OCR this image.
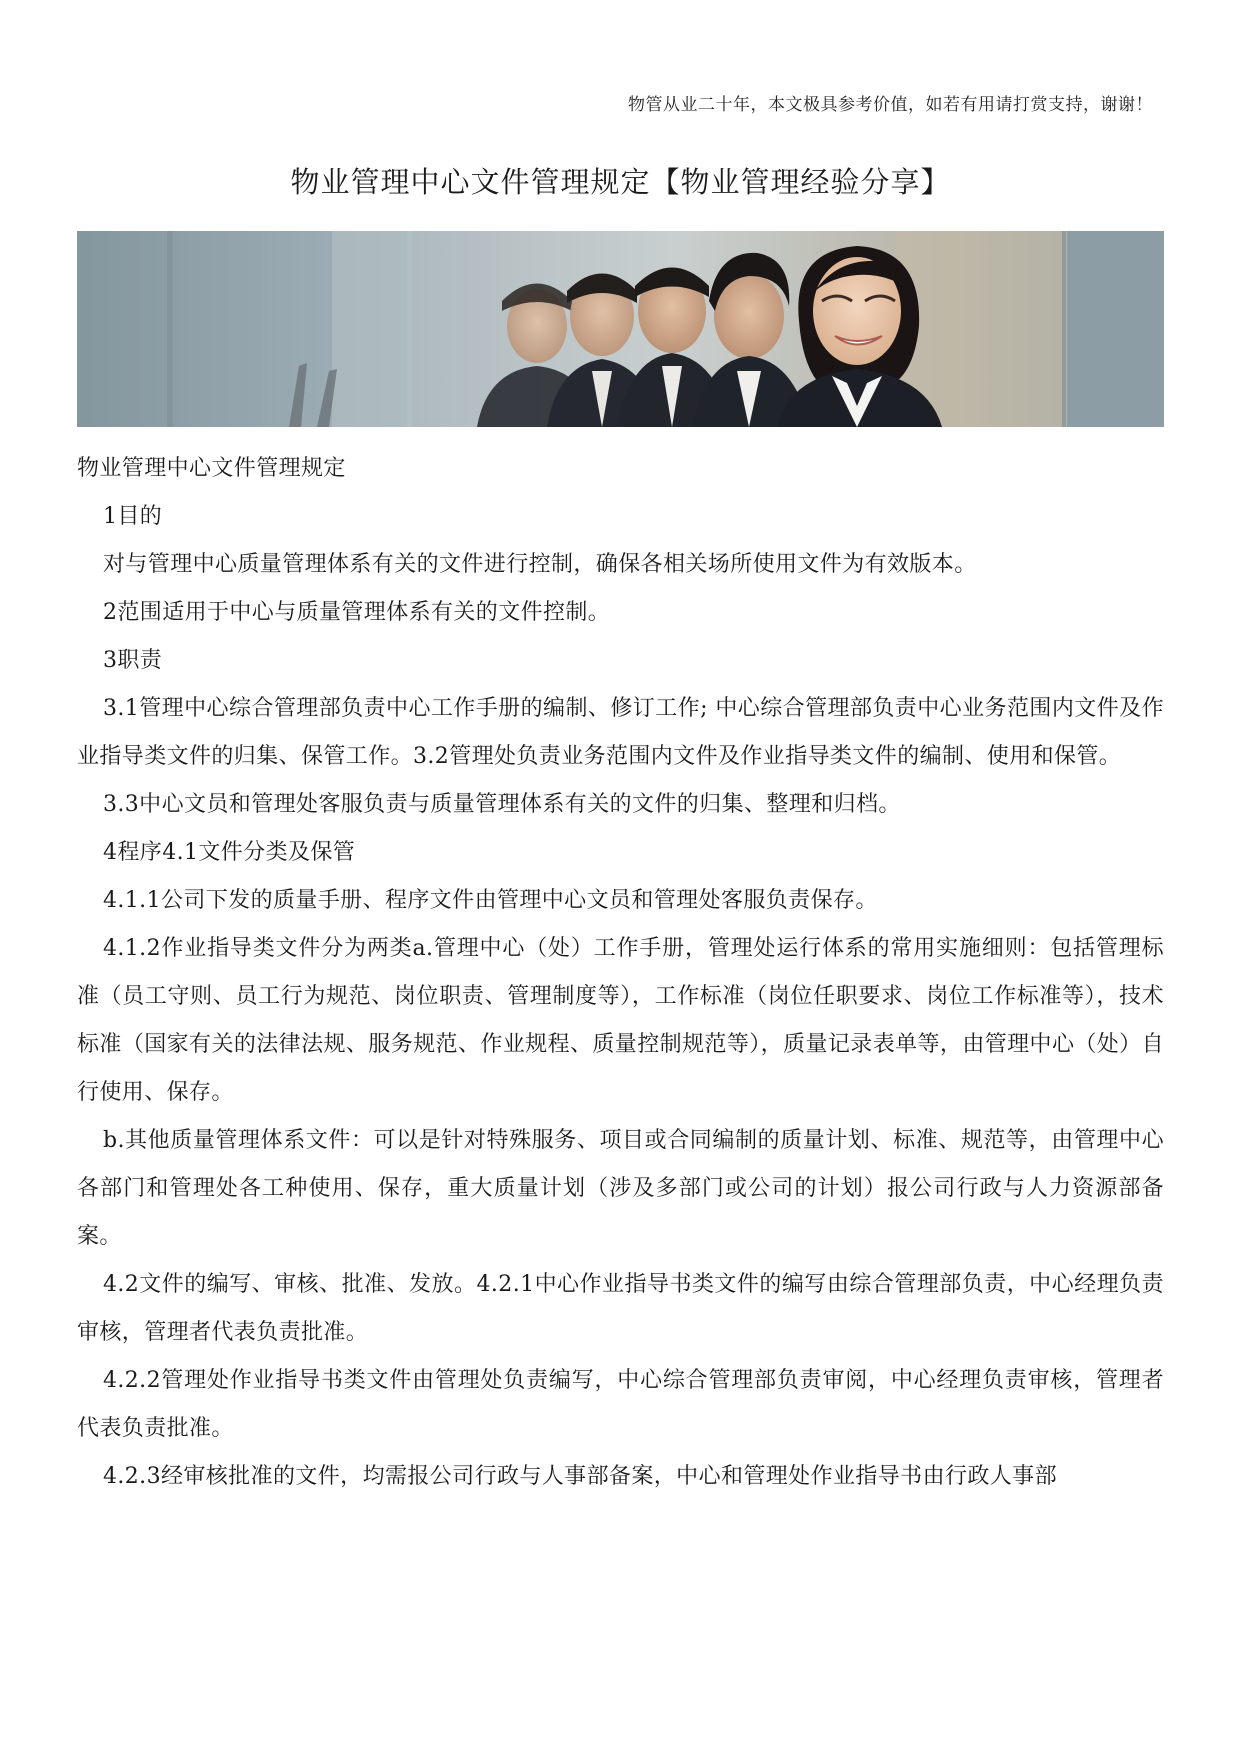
物管从业二十年，本文极具参考价值，如若有用请打赏支持，谢谢！
物业管理中心文件管理规定【物业管理经验分享】

物业管理中心文件管理规定

1目的

对与管理中心质量管理体系有关的文件进行控制，确保各相关场所使用文件为有效版本。

2范围适用于中心与质量管理体系有关的文件控制。

3职责

3.1管理中心综合管理部负责中心工作手册的编制、修订工作; 中心综合管理部负责中心业务范围内文件及作业指导类文件的归集、保管工作。3.2管理处负责业务范围内文件及作业指导类文件的编制、使用和保管。

3.3中心文员和管理处客服负责与质量管理体系有关的文件的归集、整理和归档。

4程序4.1文件分类及保管

4.1.1公司下发的质量手册、程序文件由管理中心文员和管理处客服负责保存。

4.1.2作业指导类文件分为两类a.管理中心（处）工作手册，管理处运行体系的常用实施细则：包括管理标准（员工守则、员工行为规范、岗位职责、管理制度等），工作标准（岗位任职要求、岗位工作标准等），技术标准（国家有关的法律法规、服务规范、作业规程、质量控制规范等），质量记录表单等，由管理中心（处）自行使用、保存。

b.其他质量管理体系文件：可以是针对特殊服务、项目或合同编制的质量计划、标准、规范等，由管理中心各部门和管理处各工种使用、保存，重大质量计划（涉及多部门或公司的计划）报公司行政与人力资源部备案。

4.2文件的编写、审核、批准、发放。4.2.1中心作业指导书类文件的编写由综合管理部负责，中心经理负责审核，管理者代表负责批准。

4.2.2管理处作业指导书类文件由管理处负责编写，中心综合管理部负责审阅，中心经理负责审核，管理者代表负责批准。

4.2.3经审核批准的文件，均需报公司行政与人事部备案，中心和管理处作业指导书由行政人事部
